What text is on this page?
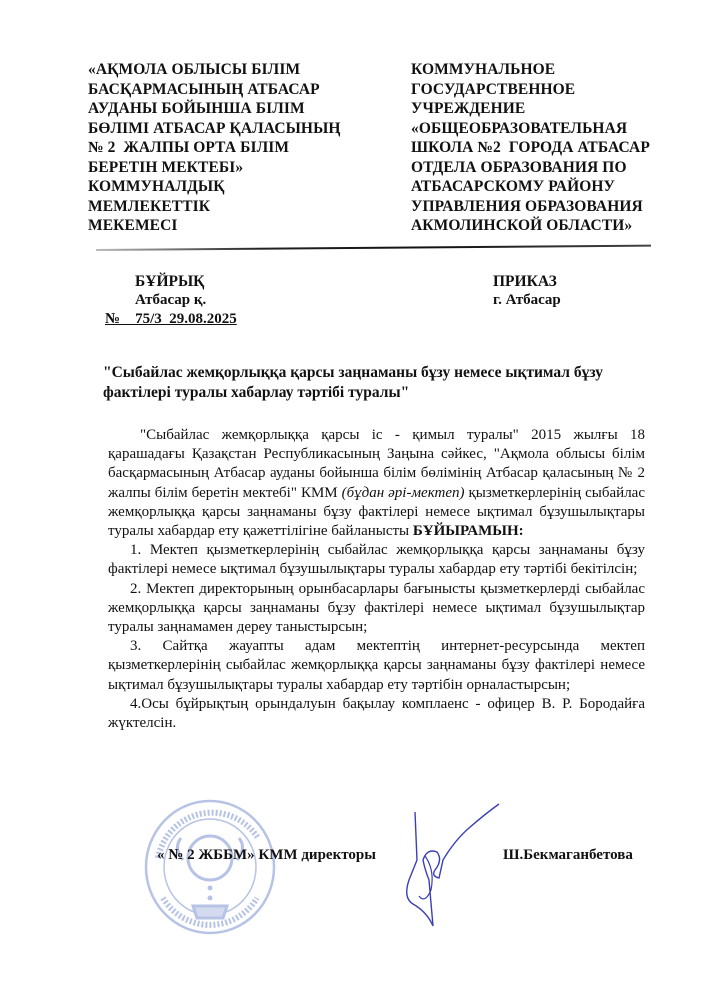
«АҚМОЛА ОБЛЫСЫ БІЛІМ
БАСҚАРМАСЫНЫҢ АТБАСАР
АУДАНЫ БОЙЫНША БІЛІМ
БӨЛІМІ АТБАСАР ҚАЛАСЫНЫҢ
№ 2  ЖАЛПЫ ОРТА БІЛІМ
БЕРЕТІН МЕКТЕБІ»
КОММУНАЛДЫҚ
МЕМЛЕКЕТТІК
МЕКЕМЕСІ
КОММУНАЛЬНОЕ
ГОСУДАРСТВЕННОЕ
УЧРЕЖДЕНИЕ
«ОБЩЕОБРАЗОВАТЕЛЬНАЯ
ШКОЛА №2  ГОРОДА АТБАСАР
ОТДЕЛА ОБРАЗОВАНИЯ ПО
АТБАСАРСКОМУ РАЙОНУ
УПРАВЛЕНИЯ ОБРАЗОВАНИЯ
АКМОЛИНСКОЙ ОБЛАСТИ»
БҰЙРЫҚ
Атбасар қ.
№    75/3  29.08.2025
ПРИКАЗ
г. Атбасар
"Сыбайлас жемқорлыққа қарсы заңнаманы бұзу немесе ықтимал бұзу фактілері туралы хабарлау тәртібі туралы"

"Сыбайлас жемқорлыққа қарсы іс - қимыл туралы" 2015 жылғы 18 қарашадағы Қазақстан Республикасының Заңына сәйкес, "Ақмола облысы білім басқармасының Атбасар ауданы бойынша білім бөлімінің Атбасар қаласының № 2 жалпы білім беретін мектебі" КММ (бұдан әрі-мектеп) қызметкерлерінің сыбайлас жемқорлыққа қарсы заңнаманы бұзу фактілері немесе ықтимал бұзушылықтары туралы хабардар ету қажеттілігіне байланысты БҰЙЫРАМЫН:

1. Мектеп қызметкерлерінің сыбайлас жемқорлыққа қарсы заңнаманы бұзу фактілері немесе ықтимал бұзушылықтары туралы хабардар ету тәртібі бекітілсін;

2. Мектеп директорының орынбасарлары бағынысты қызметкерлерді сыбайлас жемқорлыққа қарсы заңнаманы бұзу фактілері немесе ықтимал бұзушылықтар туралы заңнамамен дереу таныстырсын;

3. Сайтқа жауапты адам мектептің интернет-ресурсында мектеп қызметкерлерінің сыбайлас жемқорлыққа қарсы заңнаманы бұзу фактілері немесе ықтимал бұзушылықтары туралы хабардар ету тәртібін орналастырсын;

4.Осы бұйрықтың орындалуын бақылау комплаенс - офицер В. Р. Бородайға жүктелсін.

« № 2 ЖББМ» КММ директоры	Ш.Бекмаганбетова
